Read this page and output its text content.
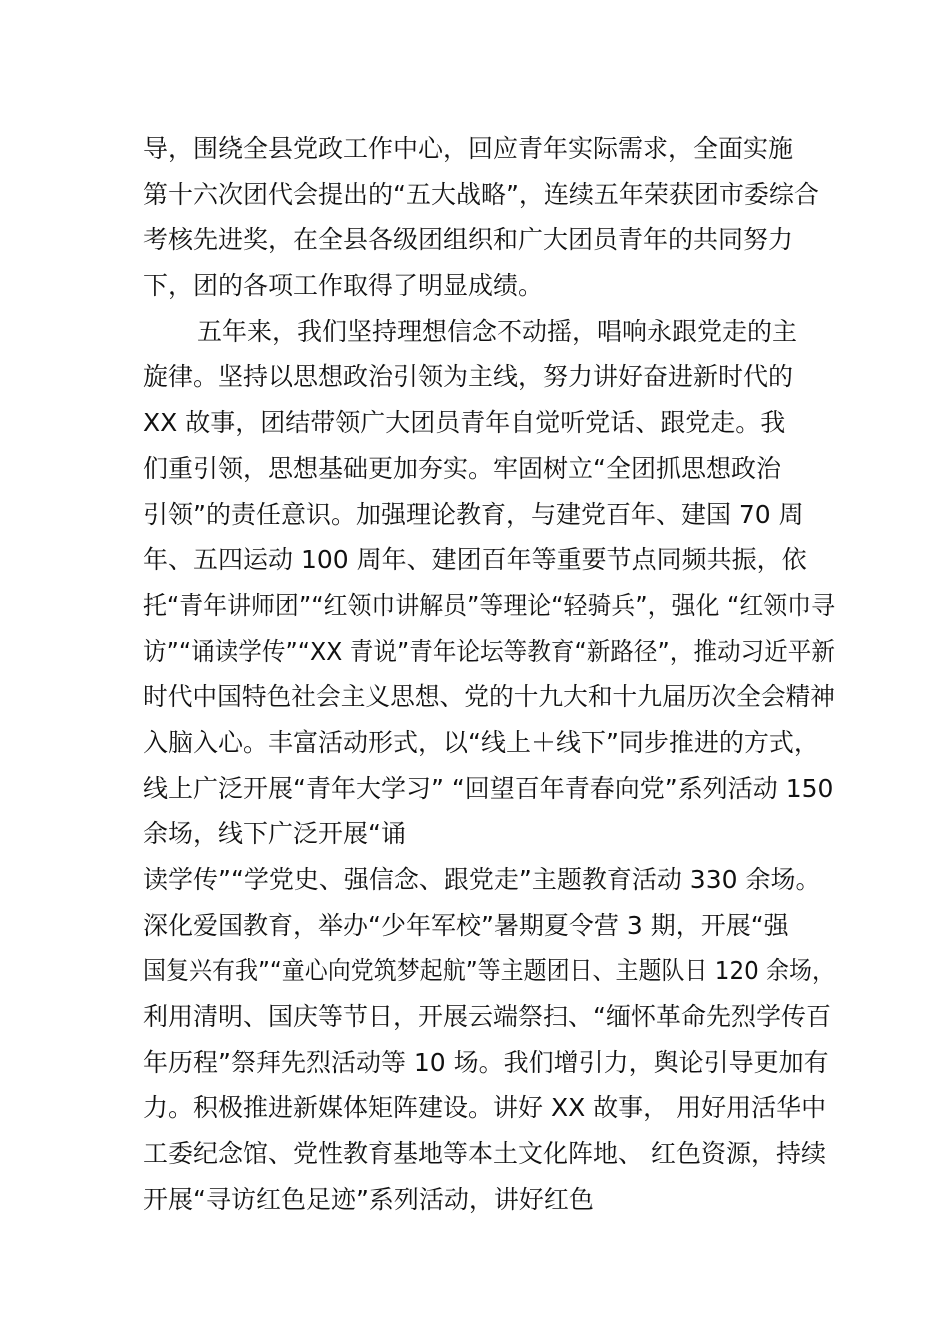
导，围绕全县党政工作中心，回应青年实际需求，全面实施
第十六次团代会提出的“五大战略”，连续五年荣获团市委综合
考核先进奖，在全县各级团组织和广大团员青年的共同努力
下，团的各项工作取得了明显成绩。
五年来，我们坚持理想信念不动摇，唱响永跟党走的主
旋律。坚持以思想政治引领为主线，努力讲好奋进新时代的
XX 故事，团结带领广大团员青年自觉听党话、跟党走。我
们重引领，思想基础更加夯实。牢固树立“全团抓思想政治
引领”的责任意识。加强理论教育，与建党百年、建国 70 周
年、五四运动 100 周年、建团百年等重要节点同频共振，依
托“青年讲师团”“红领巾讲解员”等理论“轻骑兵”，强化 “红领巾寻
访”“诵读学传”“XX 青说”青年论坛等教育“新路径”，推动习近平新
时代中国特色社会主义思想、党的十九大和十九届历次全会精神
入脑入心。丰富活动形式，以“线上＋线下”同步推进的方式，
线上广泛开展“青年大学习” “回望百年青春向党”系列活动 150
余场，线下广泛开展“诵
读学传”“学党史、强信念、跟党走”主题教育活动 330 余场。
深化爱国教育，举办“少年军校”暑期夏令营 3 期，开展“强
国复兴有我”“童心向党筑梦起航”等主题团日、主题队日 120 余场，
利用清明、国庆等节日，开展云端祭扫、“缅怀革命先烈学传百
年历程”祭拜先烈活动等 10 场。我们增引力，舆论引导更加有
力。积极推进新媒体矩阵建设。讲好 XX 故事， 用好用活华中
工委纪念馆、党性教育基地等本土文化阵地、 红色资源，持续
开展“寻访红色足迹”系列活动，讲好红色
